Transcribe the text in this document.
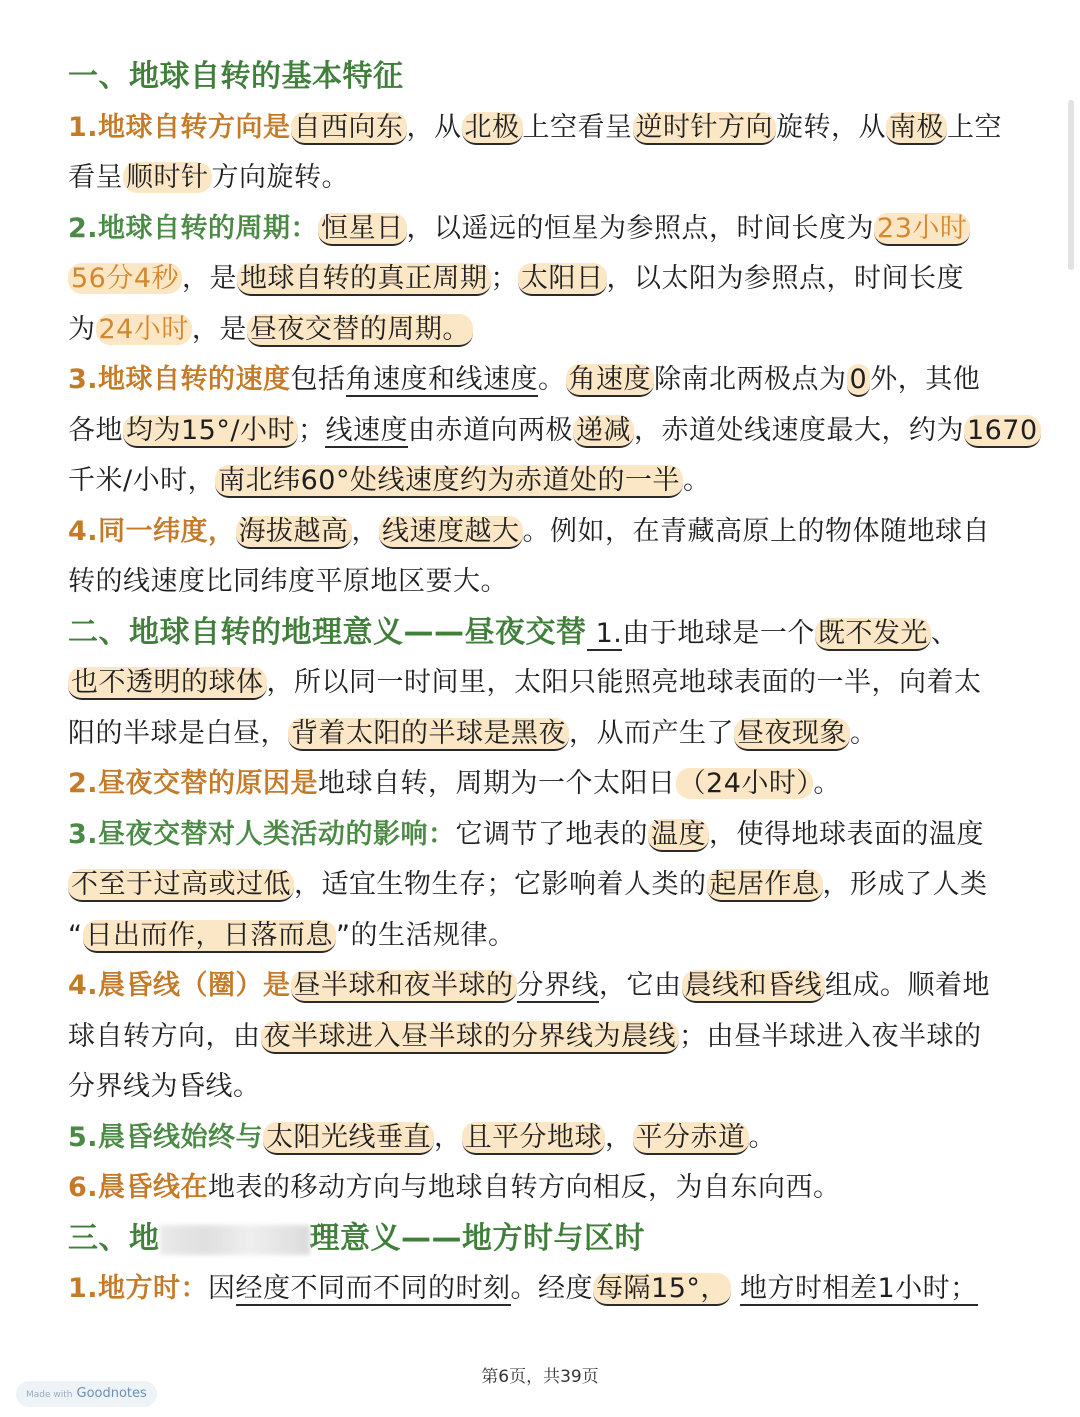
一、地球自转的基本特征
1.地球自转方向是 自西向东 ，从 北极 上空看呈 逆时针方向 旋转，从 南极 上空
看呈 顺时针 方向旋转。
2.地球自转的周期： 恒星日 ，以遥远的恒星为参照点，时间长度为 23小时
56分4秒 ，是 地球自转的真正周期 ； 太阳日 ，以太阳为参照点，时间长度
为 24小时 ，是 昼夜交替的周期。
3.地球自转的速度包括角速度和线速度。 角速度 除南北两极点为 0 外，其他
各地 均为15°/小时 ；线速度由赤道向两极 递减 ，赤道处线速度最大，约为 1670
千米/小时， 南北纬60°处线速度约为赤道处的一半 。
4.同一纬度， 海拔越高 ， 线速度越大 。例如，在青藏高原上的物体随地球自
转的线速度比同纬度平原地区要大。
二、地球自转的地理意义——昼夜交替 1.由于地球是一个 既不发光 、
也不透明的球体 ，所以同一时间里，太阳只能照亮地球表面的一半，向着太
阳的半球是白昼， 背着太阳的半球是黑夜 ，从而产生了 昼夜现象 。
2.昼夜交替的原因是地球自转，周期为一个太阳日 （24小时） 。
3.昼夜交替对人类活动的影响：它调节了地表的 温度 ，使得地球表面的温度
不至于过高或过低 ，适宜生物生存；它影响着人类的 起居作息 ，形成了人类
“ 日出而作，日落而息 ”的生活规律。
4.晨昏线（圈）是 昼半球和夜半球的 分界线，它由 晨线和昏线 组成。顺着地
球自转方向，由 夜半球进入昼半球的分界线为晨线 ；由昼半球进入夜半球的
分界线为昏线。
5.晨昏线始终与 太阳光线垂直 ， 且平分地球 ， 平分赤道 。
6.晨昏线在地表的移动方向与地球自转方向相反，为自东向西。
三、地	理意义——地方时与区时
1.地方时：因经度不同而不同的时刻。经度 每隔15°， 地方时相差1小时；
第6页，共39页
Made with Goodnotes
